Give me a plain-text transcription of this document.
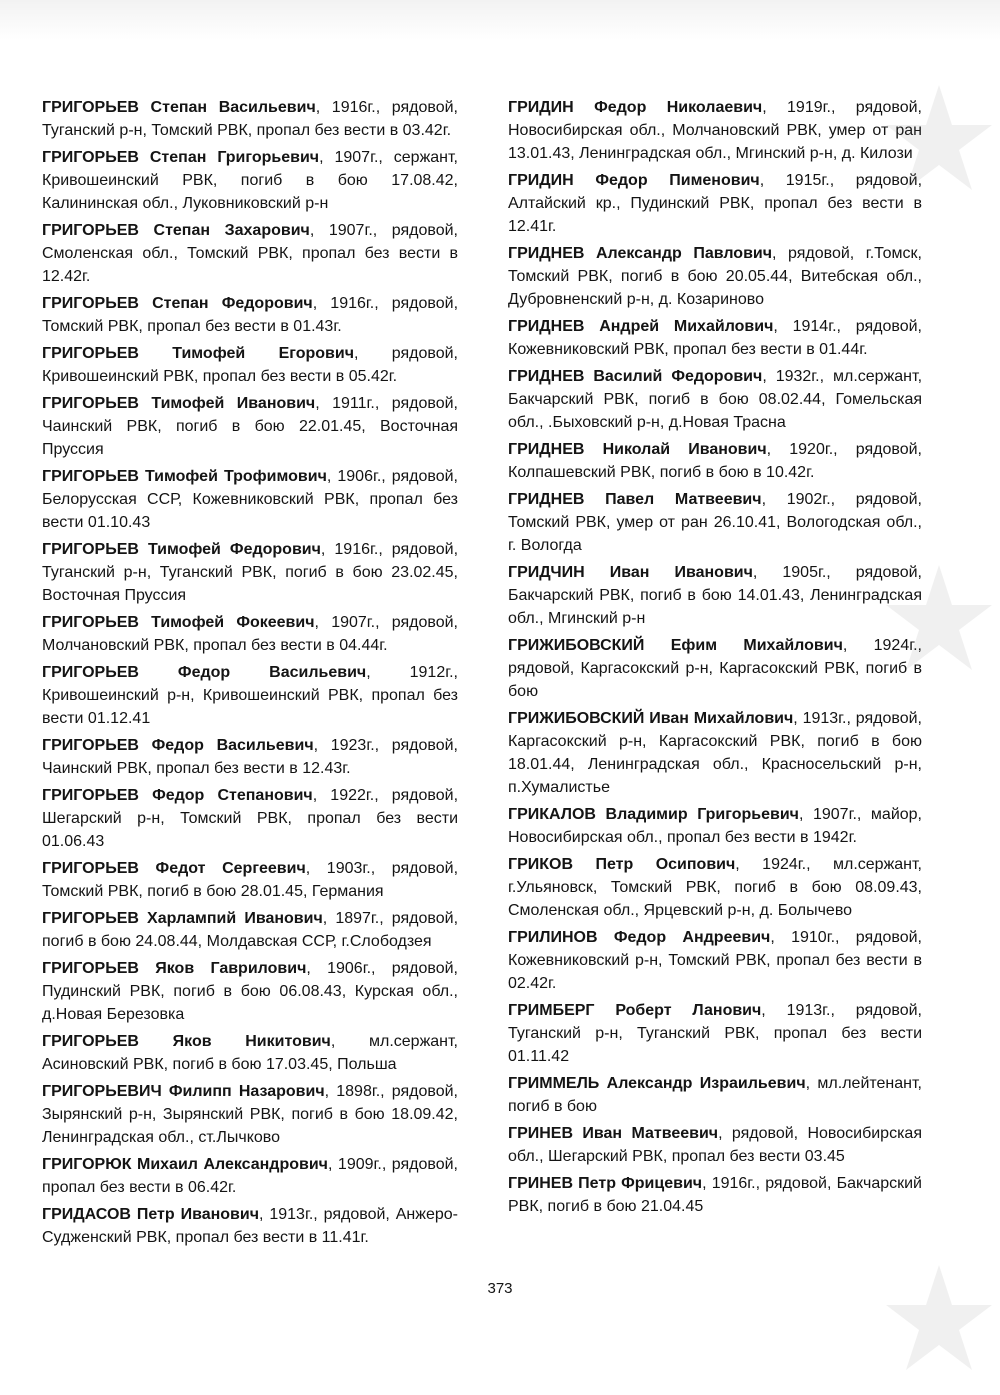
ГРИГОРЬЕВ Степан Васильевич, 1916г., рядовой, Туганский р-н, Томский РВК, пропал без вести в 03.42г.

ГРИГОРЬЕВ Степан Григорьевич, 1907г., сержант, Кривошеинский РВК, погиб в бою 17.08.42, Калининская обл., Луковниковский р-н

ГРИГОРЬЕВ Степан Захарович, 1907г., рядовой, Смоленская обл., Томский РВК, пропал без вести в 12.42г.

ГРИГОРЬЕВ Степан Федорович, 1916г., рядовой, Томский РВК, пропал без вести в 01.43г.

ГРИГОРЬЕВ Тимофей Егорович, рядовой, Кривошеинский РВК, пропал без вести в 05.42г.

ГРИГОРЬЕВ Тимофей Иванович, 1911г., рядовой, Чаинский РВК, погиб в бою 22.01.45, Восточная Пруссия

ГРИГОРЬЕВ Тимофей Трофимович, 1906г., рядовой, Белорусская ССР, Кожевниковский РВК, пропал без вести 01.10.43

ГРИГОРЬЕВ Тимофей Федорович, 1916г., рядовой, Туганский р-н, Туганский РВК, погиб в бою 23.02.45, Восточная Пруссия

ГРИГОРЬЕВ Тимофей Фокеевич, 1907г., рядовой, Молчановский РВК, пропал без вести в 04.44г.

ГРИГОРЬЕВ Федор Васильевич, 1912г., Кривошеинский р-н, Кривошеинский РВК, пропал без вести 01.12.41

ГРИГОРЬЕВ Федор Васильевич, 1923г., рядовой, Чаинский РВК, пропал без вести в 12.43г.

ГРИГОРЬЕВ Федор Степанович, 1922г., рядовой, Шегарский р-н, Томский РВК, пропал без вести 01.06.43

ГРИГОРЬЕВ Федот Сергеевич, 1903г., рядовой, Томский РВК, погиб в бою 28.01.45, Германия

ГРИГОРЬЕВ Харлампий Иванович, 1897г., рядовой, погиб в бою 24.08.44, Молдавская ССР, г.Слободзея

ГРИГОРЬЕВ Яков Гаврилович, 1906г., рядовой, Пудинский РВК, погиб в бою 06.08.43, Курская обл., д.Новая Березовка

ГРИГОРЬЕВ Яков Никитович, мл.сержант, Асиновский РВК, погиб в бою 17.03.45, Польша

ГРИГОРЬЕВИЧ Филипп Назарович, 1898г., рядовой, Зырянский р-н, Зырянский РВК, погиб в бою 18.09.42, Ленинградская обл., ст.Лычково

ГРИГОРЮК Михаил Александрович, 1909г., рядовой, пропал без вести в 06.42г.

ГРИДАСОВ Петр Иванович, 1913г., рядовой, Анжеро-Судженский РВК, пропал без вести в 11.41г.

ГРИДИН Федор Николаевич, 1919г., рядовой, Новосибирская обл., Молчановский РВК, умер от ран 13.01.43, Ленинградская обл., Мгинский р-н, д. Килози

ГРИДИН Федор Пименович, 1915г., рядовой, Алтайский кр., Пудинский РВК, пропал без вести в 12.41г.

ГРИДНЕВ Александр Павлович, рядовой, г.Томск, Томский РВК, погиб в бою 20.05.44, Витебская обл., Дубровненский р-н, д. Козариново

ГРИДНЕВ Андрей Михайлович, 1914г., рядовой, Кожевниковский РВК, пропал без вести в 01.44г.

ГРИДНЕВ Василий Федорович, 1932г., мл.сержант, Бакчарский РВК, погиб в бою 08.02.44, Гомельская обл., .Быховский р-н, д.Новая Трасна

ГРИДНЕВ Николай Иванович, 1920г., рядовой, Колпашевский РВК, погиб в бою в 10.42г.

ГРИДНЕВ Павел Матвеевич, 1902г., рядовой, Томский РВК, умер от ран 26.10.41, Вологодская обл., г. Вологда

ГРИДЧИН Иван Иванович, 1905г., рядовой, Бакчарский РВК, погиб в бою 14.01.43, Ленинградская обл., Мгинский р-н

ГРИЖИБОВСКИЙ Ефим Михайлович, 1924г., рядовой, Каргасокский р-н, Каргасокский РВК, погиб в бою

ГРИЖИБОВСКИЙ Иван Михайлович, 1913г., рядовой, Каргасокский р-н, Каргасокский РВК, погиб в бою 18.01.44, Ленинградская обл., Красносельский р-н, п.Хумалистье

ГРИКАЛОВ Владимир Григорьевич, 1907г., майор, Новосибирская обл., пропал без вести в 1942г.

ГРИКОВ Петр Осипович, 1924г., мл.сержант, г.Ульяновск, Томский РВК, погиб в бою 08.09.43, Смоленская обл., Ярцевский р-н, д. Болычево

ГРИЛИНОВ Федор Андреевич, 1910г., рядовой, Кожевниковский р-н, Томский РВК, пропал без вести в 02.42г.

ГРИМБЕРГ Роберт Ланович, 1913г., рядовой, Туганский р-н, Туганский РВК, пропал без вести 01.11.42

ГРИММЕЛЬ Александр Израильевич, мл.лейтенант, погиб в бою

ГРИНЕВ Иван Матвеевич, рядовой, Новосибирская обл., Шегарский РВК, пропал без вести 03.45

ГРИНЕВ Петр Фрицевич, 1916г., рядовой, Бакчарский РВК, погиб в бою 21.04.45

373
